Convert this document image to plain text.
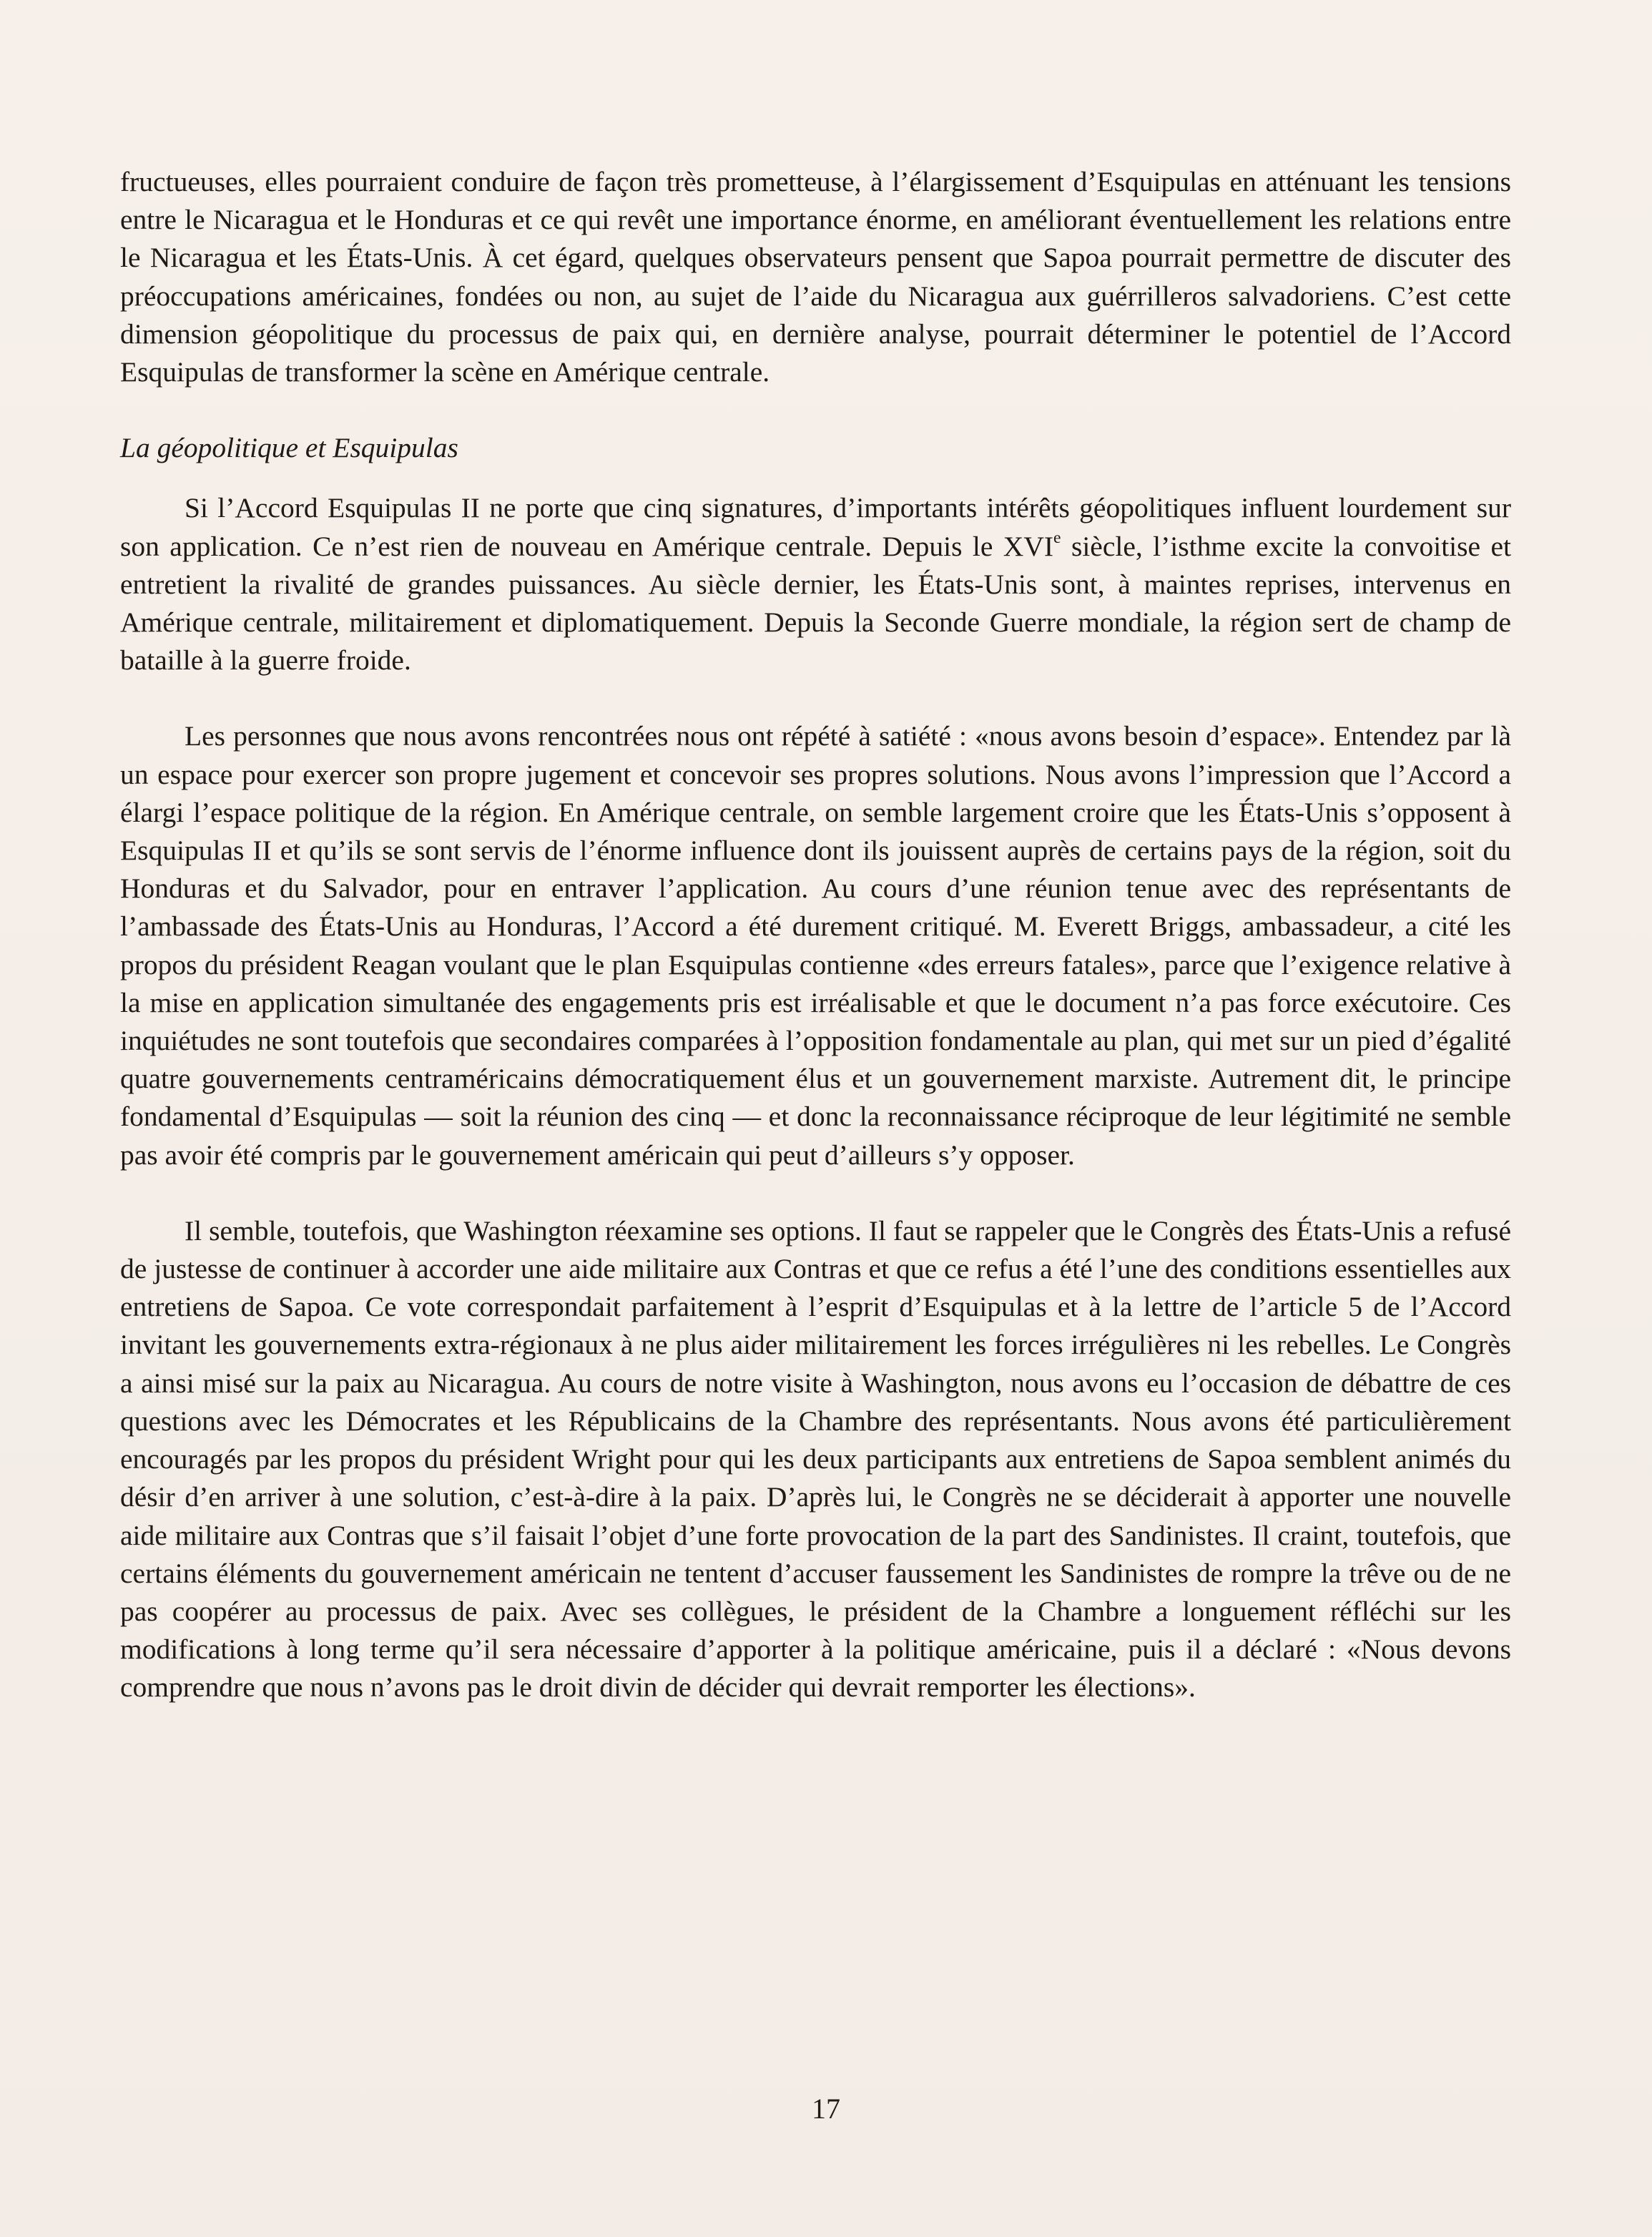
fructueuses, elles pourraient conduire de façon très prometteuse, à l’élargissement d’Esquipulas en atténuant les tensions entre le Nicaragua et le Honduras et ce qui revêt une importance énorme, en améliorant éventuellement les relations entre le Nicaragua et les États-Unis. À cet égard, quelques observateurs pensent que Sapoa pourrait permettre de discuter des préoccupations américaines, fondées ou non, au sujet de l’aide du Nicaragua aux guérrilleros salvadoriens. C’est cette dimension géopolitique du processus de paix qui, en dernière analyse, pourrait déterminer le potentiel de l’Accord Esquipulas de transformer la scène en Amérique centrale.

La géopolitique et Esquipulas

Si l’Accord Esquipulas II ne porte que cinq signatures, d’importants intérêts géopolitiques influent lourdement sur son application. Ce n’est rien de nouveau en Amérique centrale. Depuis le XVIe siècle, l’isthme excite la convoitise et entretient la rivalité de grandes puissances. Au siècle dernier, les États-Unis sont, à maintes reprises, intervenus en Amérique centrale, militairement et diplomatiquement. Depuis la Seconde Guerre mondiale, la région sert de champ de bataille à la guerre froide.

Les personnes que nous avons rencontrées nous ont répété à satiété : «nous avons besoin d’espace». Entendez par là un espace pour exercer son propre jugement et concevoir ses propres solutions. Nous avons l’impression que l’Accord a élargi l’espace politique de la région. En Amérique centrale, on semble largement croire que les États-Unis s’opposent à Esquipulas II et qu’ils se sont servis de l’énorme influence dont ils jouissent auprès de certains pays de la région, soit du Honduras et du Salvador, pour en entraver l’application. Au cours d’une réunion tenue avec des représentants de l’ambassade des États-Unis au Honduras, l’Accord a été durement critiqué. M. Everett Briggs, ambassadeur, a cité les propos du président Reagan voulant que le plan Esquipulas contienne «des erreurs fatales», parce que l’exigence relative à la mise en application simultanée des engagements pris est irréalisable et que le document n’a pas force exécutoire. Ces inquiétudes ne sont toutefois que secondaires comparées à l’opposition fondamentale au plan, qui met sur un pied d’égalité quatre gouvernements centraméricains démocratiquement élus et un gouvernement marxiste. Autrement dit, le principe fondamental d’Esquipulas — soit la réunion des cinq — et donc la reconnaissance réciproque de leur légitimité ne semble pas avoir été compris par le gouvernement américain qui peut d’ailleurs s’y opposer.

Il semble, toutefois, que Washington réexamine ses options. Il faut se rappeler que le Congrès des États-Unis a refusé de justesse de continuer à accorder une aide militaire aux Contras et que ce refus a été l’une des conditions essentielles aux entretiens de Sapoa. Ce vote correspondait parfaitement à l’esprit d’Esquipulas et à la lettre de l’article 5 de l’Accord invitant les gouvernements extra-régionaux à ne plus aider militairement les forces irrégulières ni les rebelles. Le Congrès a ainsi misé sur la paix au Nicaragua. Au cours de notre visite à Washington, nous avons eu l’occasion de débattre de ces questions avec les Démocrates et les Républicains de la Chambre des représentants. Nous avons été particulièrement encouragés par les propos du président Wright pour qui les deux participants aux entretiens de Sapoa semblent animés du désir d’en arriver à une solution, c’est-à-dire à la paix. D’après lui, le Congrès ne se déciderait à apporter une nouvelle aide militaire aux Contras que s’il faisait l’objet d’une forte provocation de la part des Sandinistes. Il craint, toutefois, que certains éléments du gouvernement américain ne tentent d’accuser faussement les Sandinistes de rompre la trêve ou de ne pas coopérer au processus de paix. Avec ses collègues, le président de la Chambre a longuement réfléchi sur les modifications à long terme qu’il sera nécessaire d’apporter à la politique américaine, puis il a déclaré : «Nous devons comprendre que nous n’avons pas le droit divin de décider qui devrait remporter les élections».

17
